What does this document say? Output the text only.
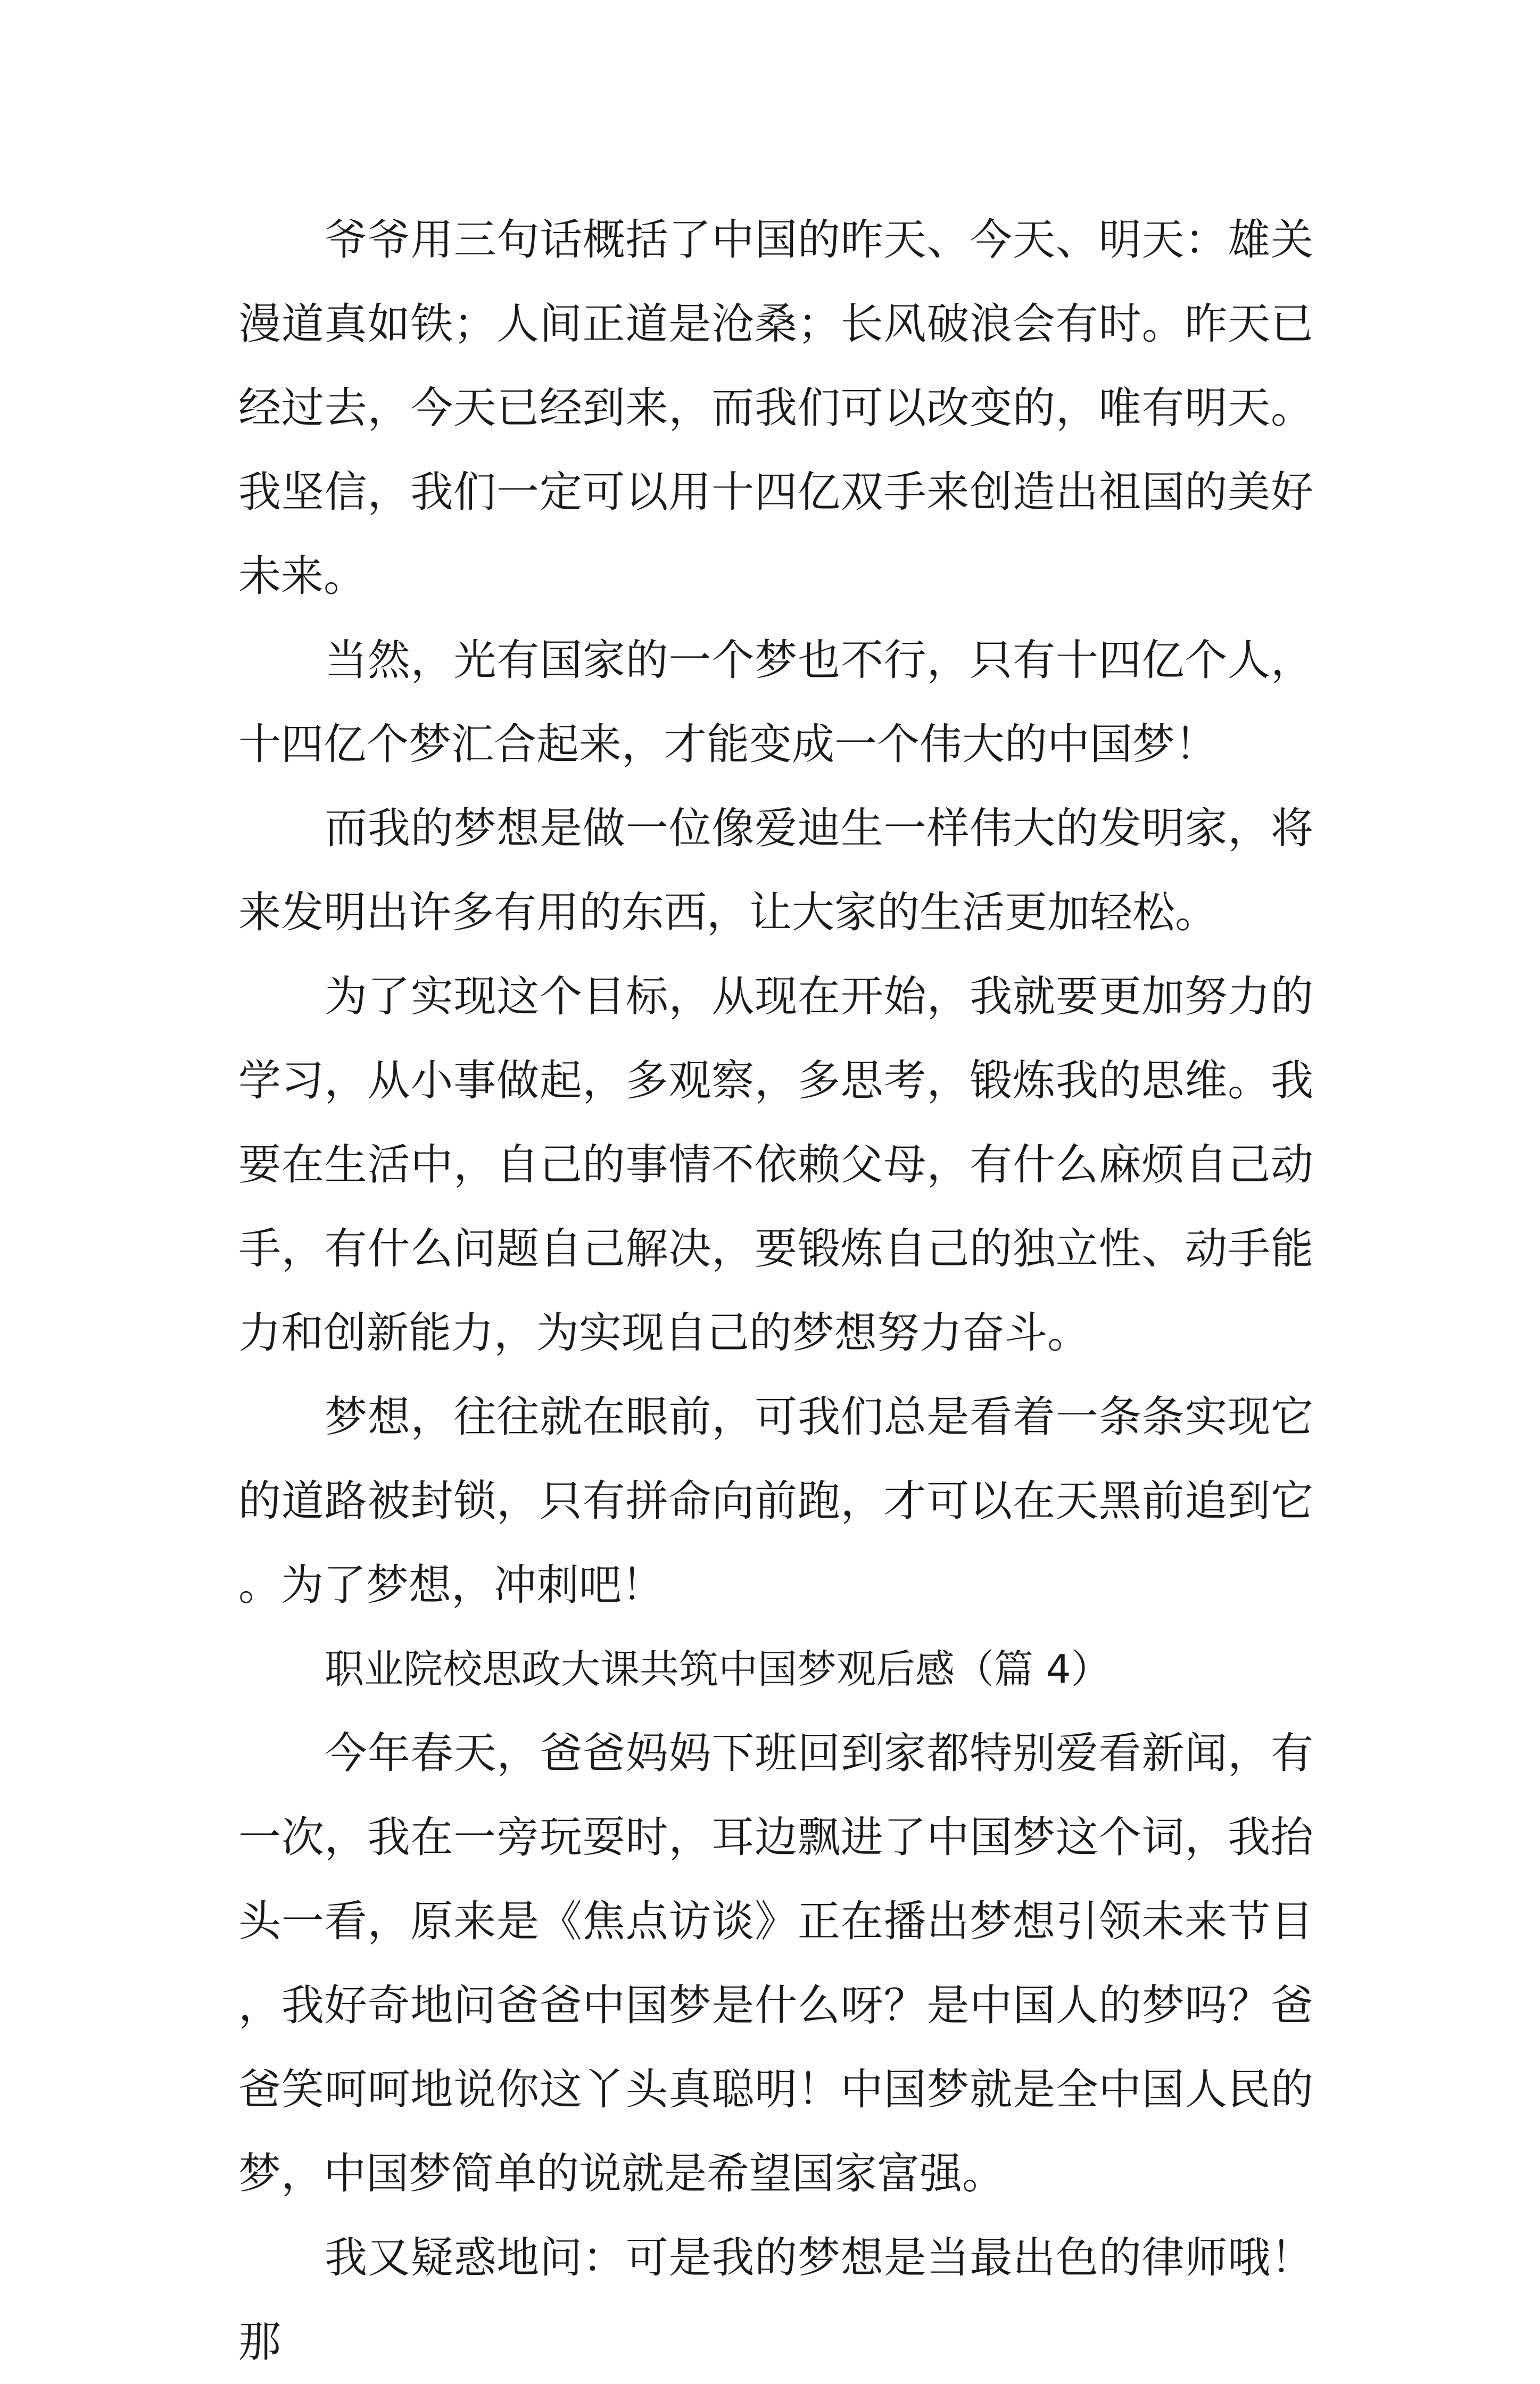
爷爷用三句话概括了中国的昨天、今天、明天：雄关漫道真如铁；人间正道是沧桑；长风破浪会有时。昨天已经过去，今天已经到来，而我们可以改变的，唯有明天。我坚信，我们一定可以用十四亿双手来创造出祖国的美好未来。

当然，光有国家的一个梦也不行，只有十四亿个人，十四亿个梦汇合起来，才能变成一个伟大的中国梦！

而我的梦想是做一位像爱迪生一样伟大的发明家，将来发明出许多有用的东西，让大家的生活更加轻松。

为了实现这个目标，从现在开始，我就要更加努力的学习，从小事做起，多观察，多思考，锻炼我的思维。我要在生活中，自己的事情不依赖父母，有什么麻烦自己动手，有什么问题自己解决，要锻炼自己的独立性、动手能力和创新能力，为实现自己的梦想努力奋斗。

梦想，往往就在眼前，可我们总是看着一条条实现它的道路被封锁，只有拼命向前跑，才可以在天黑前追到它。为了梦想，冲刺吧！

职业院校思政大课共筑中国梦观后感（篇 4）

今年春天，爸爸妈妈下班回到家都特别爱看新闻，有一次，我在一旁玩耍时，耳边飘进了中国梦这个词，我抬头一看，原来是《焦点访谈》正在播出梦想引领未来节目，我好奇地问爸爸中国梦是什么呀？是中国人的梦吗？爸爸笑呵呵地说你这丫头真聪明！中国梦就是全中国人民的梦，中国梦简单的说就是希望国家富强。

我又疑惑地问：可是我的梦想是当最出色的律师哦！那
